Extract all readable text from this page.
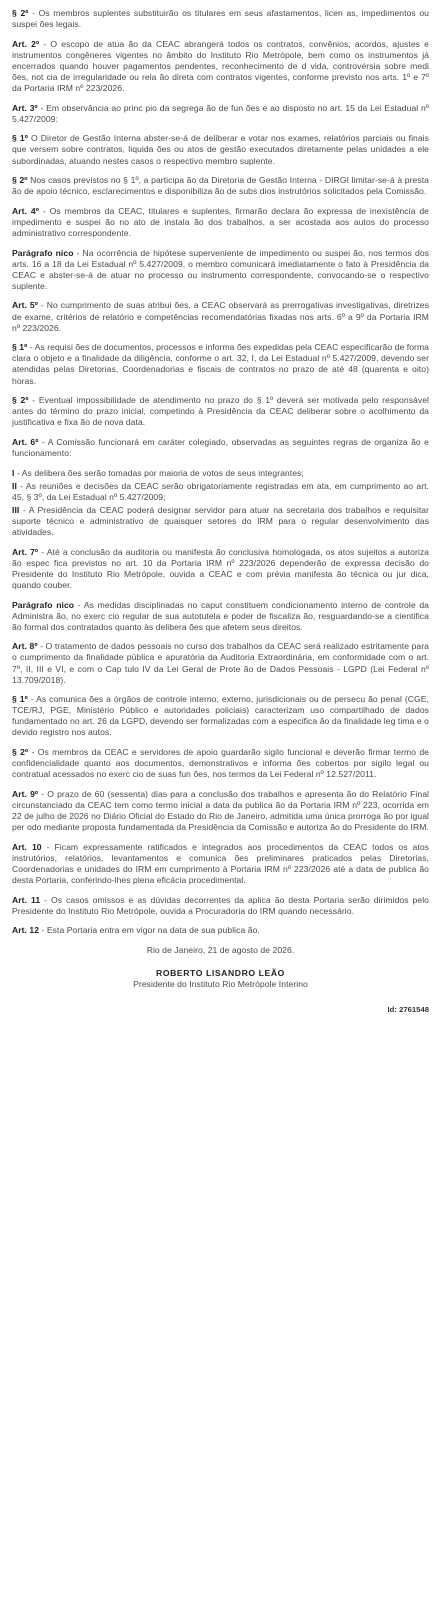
§ 2º - Os membros suplentes substituirão os titulares em seus afastamentos, licen as, impedimentos ou suspei ões legais.

Art. 2º - O escopo de atua ão da CEAC abrangerá todos os contratos, convênios, acordos, ajustes e instrumentos congêneres vigentes no âmbito do Instituto Rio Metrópole, bem como os instrumentos já encerrados quando houver pagamentos pendentes, reconhecimento de d vida, controvérsia sobre medi ões, not cia de irregularidade ou rela ão direta com contratos vigentes, conforme previsto nos arts. 1º e 7º da Portaria IRM nº 223/2026.

Art. 3º - Em observância ao princ pio da segrega ão de fun ões e ao disposto no art. 15 da Lei Estadual nº 5.427/2009:

§ 1º O Diretor de Gestão Interna abster-se-á de deliberar e votar nos exames, relatórios parciais ou finais que versem sobre contratos, liquida ões ou atos de gestão executados diretamente pelas unidades a ele subordinadas, atuando nestes casos o respectivo membro suplente.

§ 2º Nos casos previstos no § 1º, a participa ão da Diretoria de Gestão Interna - DIRGI limitar-se-á à presta ão de apoio técnico, esclarecimentos e disponibiliza ão de subs dios instrutórios solicitados pela Comissão.

Art. 4º - Os membros da CEAC, titulares e suplentes, firmarão declara ão expressa de inexistência de impedimento e suspei ão no ato de instala ão dos trabalhos, a ser acostada aos autos do processo administrativo correspondente.

Parágrafo nico - Na ocorrência de hipótese superveniente de impedimento ou suspei ão, nos termos dos arts. 16 a 18 da Lei Estadual nº 5.427/2009, o membro comunicará imediatamente o fato à Presidência da CEAC e abster-se-á de atuar no processo ou instrumento correspondente, convocando-se o respectivo suplente.

Art. 5º - No cumprimento de suas atribui ões, a CEAC observará as prerrogativas investigativas, diretrizes de exame, critérios de relatório e competências recomendatórias fixadas nos arts. 6º a 9º da Portaria IRM nº 223/2026.

§ 1º - As requisi ões de documentos, processos e informa ões expedidas pela CEAC especificarão de forma clara o objeto e a finalidade da diligência, conforme o art. 32, I, da Lei Estadual nº 5.427/2009, devendo ser atendidas pelas Diretorias, Coordenadorias e fiscais de contratos no prazo de até 48 (quarenta e oito) horas.

§ 2º - Eventual impossibilidade de atendimento no prazo do § 1º deverá ser motivada pelo responsável antes do término do prazo inicial, competindo à Presidência da CEAC deliberar sobre o acolhimento da justificativa e fixa ão de nova data.

Art. 6º - A Comissão funcionará em caráter colegiado, observadas as seguintes regras de organiza ão e funcionamento:

I - As delibera ões serão tomadas por maioria de votos de seus integrantes;

II - As reuniões e decisões da CEAC serão obrigatoriamente registradas em ata, em cumprimento ao art. 45, § 3º, da Lei Estadual nº 5.427/2009;

III - A Presidência da CEAC poderá designar servidor para atuar na secretaria dos trabalhos e requisitar suporte técnico e administrativo de quaisquer setores do IRM para o regular desenvolvimento das atividades.

Art. 7º - Até a conclusão da auditoria ou manifesta ão conclusiva homologada, os atos sujeitos a autoriza ão espec fica previstos no art. 10 da Portaria IRM nº 223/2026 dependerão de expressa decisão do Presidente do Instituto Rio Metrópole, ouvida a CEAC e com prévia manifesta ão técnica ou jur dica, quando couber.

Parágrafo nico - As medidas disciplinadas no caput constituem condicionamento interno de controle da Administra ão, no exerc cio regular de sua autotutela e poder de fiscaliza ão, resguardando-se a cientifica ão formal dos contratados quanto às delibera ões que afetem seus direitos.

Art. 8º - O tratamento de dados pessoais no curso dos trabalhos da CEAC será realizado estritamente para o cumprimento da finalidade pública e apuratória da Auditoria Extraordinária, em conformidade com o art. 7º, II, III e VI, e com o Cap tulo IV da Lei Geral de Prote ão de Dados Pessoais - LGPD (Lei Federal nº 13.709/2018).

§ 1º - As comunica ões a órgãos de controle interno, externo, jurisdicionais ou de persecu ão penal (CGE, TCE/RJ, PGE, Ministério Público e autoridades policiais) caracterizam uso compartilhado de dados fundamentado no art. 26 da LGPD, devendo ser formalizadas com a especifica ão da finalidade leg tima e o devido registro nos autos.

§ 2º - Os membros da CEAC e servidores de apoio guardarão sigilo funcional e deverão firmar termo de confidencialidade quanto aos documentos, demonstrativos e informa ões cobertos por sigilo legal ou contratual acessados no exerc cio de suas fun ões, nos termos da Lei Federal nº 12.527/2011.

Art. 9º - O prazo de 60 (sessenta) dias para a conclusão dos trabalhos e apresenta ão do Relatório Final circunstanciado da CEAC tem como termo inicial a data da publica ão da Portaria IRM nº 223, ocorrida em 22 de julho de 2026 no Diário Oficial do Estado do Rio de Janeiro, admitida uma única prorroga ão por igual per odo mediante proposta fundamentada da Presidência da Comissão e autoriza ão do Presidente do IRM.

Art. 10 - Ficam expressamente ratificados e integrados aos procedimentos da CEAC todos os atos instrutórios, relatórios, levantamentos e comunica ões preliminares praticados pelas Diretorias, Coordenadorias e unidades do IRM em cumprimento à Portaria IRM nº 223/2026 até a data de publica ão desta Portaria, conferindo-lhes plena eficácia procedimental.

Art. 11 - Os casos omissos e as dúvidas decorrentes da aplica ão desta Portaria serão dirimidos pelo Presidente do Instituto Rio Metrópole, ouvida a Procuradoria do IRM quando necessário.

Art. 12 - Esta Portaria entra em vigor na data de sua publica ão.

Rio de Janeiro, 21 de agosto de 2026.

ROBERTO LISANDRO LEÃO

Presidente do Instituto Rio Metrópole Interino

Id: 2761548
